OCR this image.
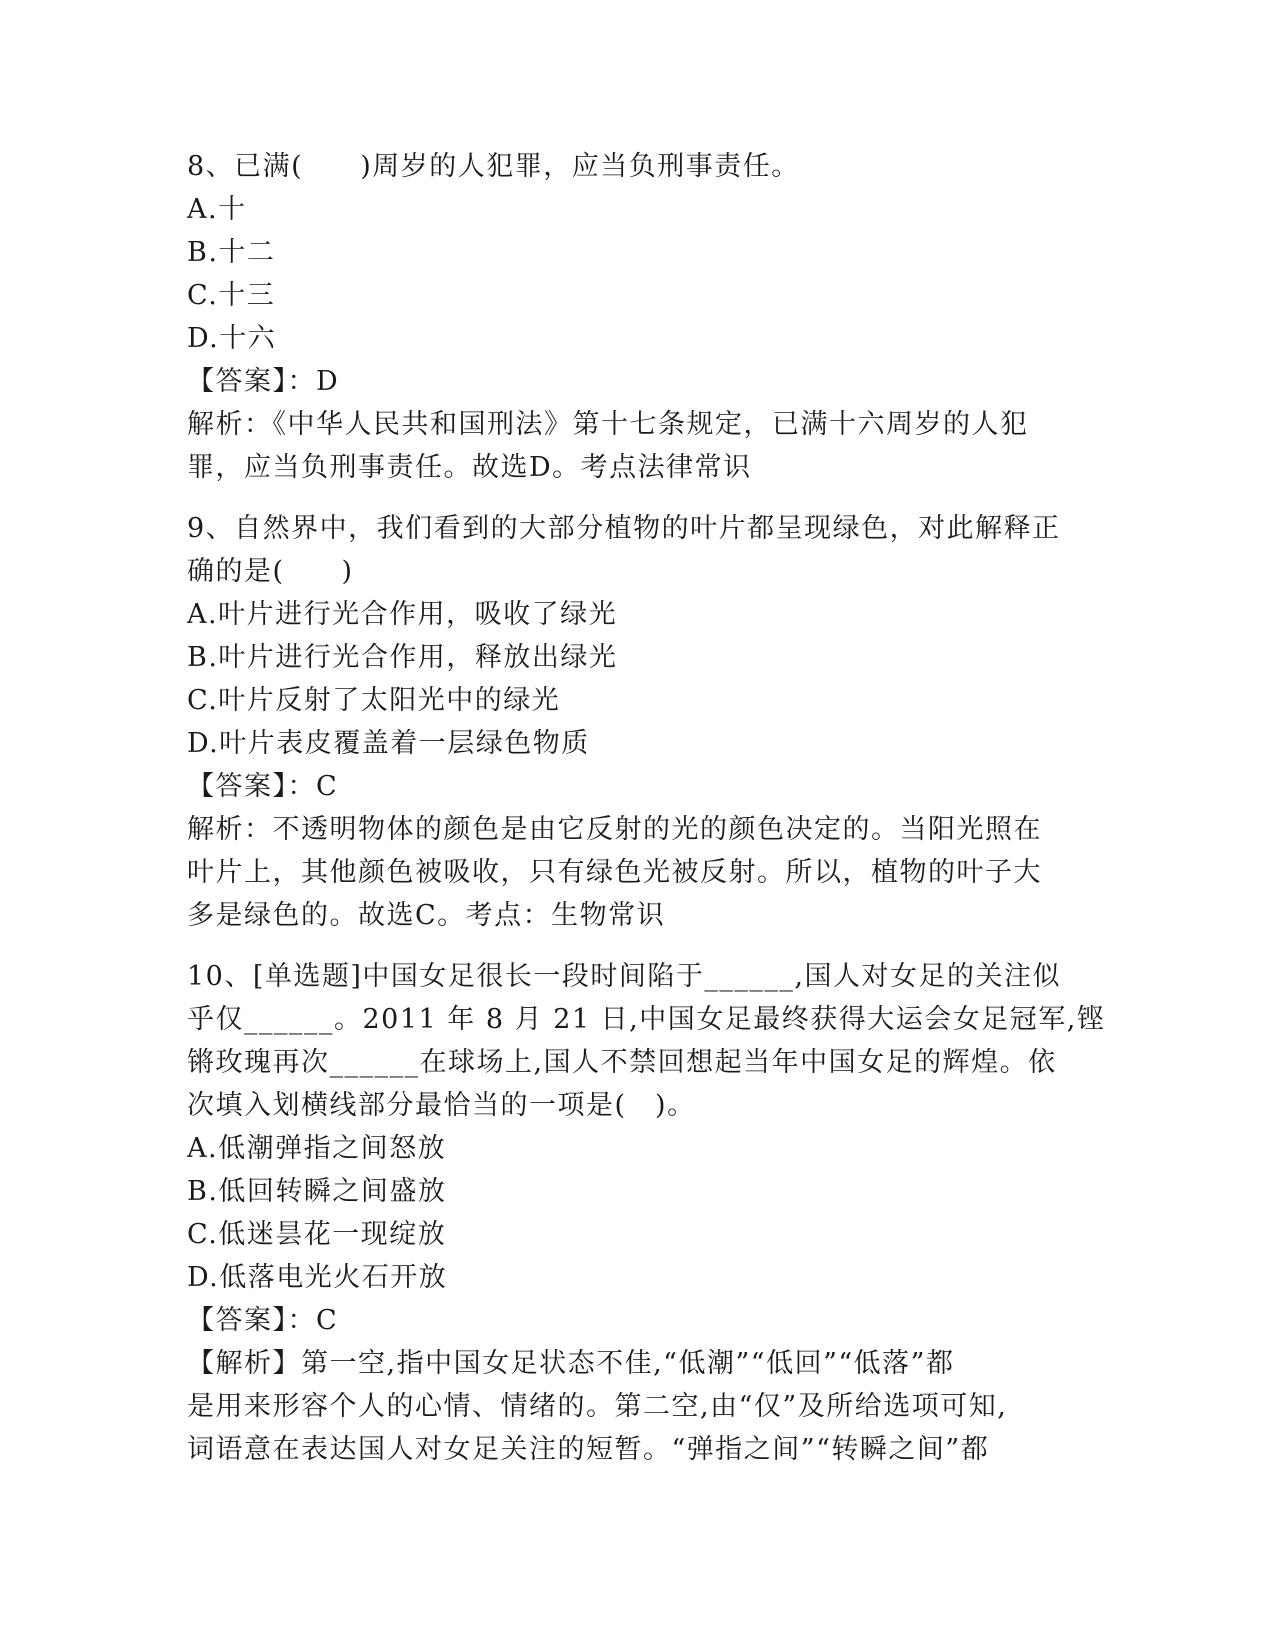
8、已满(　　)周岁的人犯罪，应当负刑事责任。
A.十
B.十二
C.十三
D.十六
【答案】：D
解析：《中华人民共和国刑法》第十七条规定，已满十六周岁的人犯
罪，应当负刑事责任。故选D。考点法律常识
9、自然界中，我们看到的大部分植物的叶片都呈现绿色，对此解释正
确的是(　　)
A.叶片进行光合作用，吸收了绿光
B.叶片进行光合作用，释放出绿光
C.叶片反射了太阳光中的绿光
D.叶片表皮覆盖着一层绿色物质
【答案】：C
解析：不透明物体的颜色是由它反射的光的颜色决定的。当阳光照在
叶片上，其他颜色被吸收，只有绿色光被反射。所以，植物的叶子大
多是绿色的。故选C。考点：生物常识
10、[单选题]中国女足很长一段时间陷于______,国人对女足的关注似
乎仅______。2011 年 8 月 21 日,中国女足最终获得大运会女足冠军,铿
锵玫瑰再次______在球场上,国人不禁回想起当年中国女足的辉煌。依
次填入划横线部分最恰当的一项是(　)。
A.低潮弹指之间怒放
B.低回转瞬之间盛放
C.低迷昙花一现绽放
D.低落电光火石开放
【答案】：C
【解析】第一空,指中国女足状态不佳,“低潮”“低回”“低落”都
是用来形容个人的心情、情绪的。第二空,由“仅”及所给选项可知,
词语意在表达国人对女足关注的短暂。“弹指之间”“转瞬之间”都
